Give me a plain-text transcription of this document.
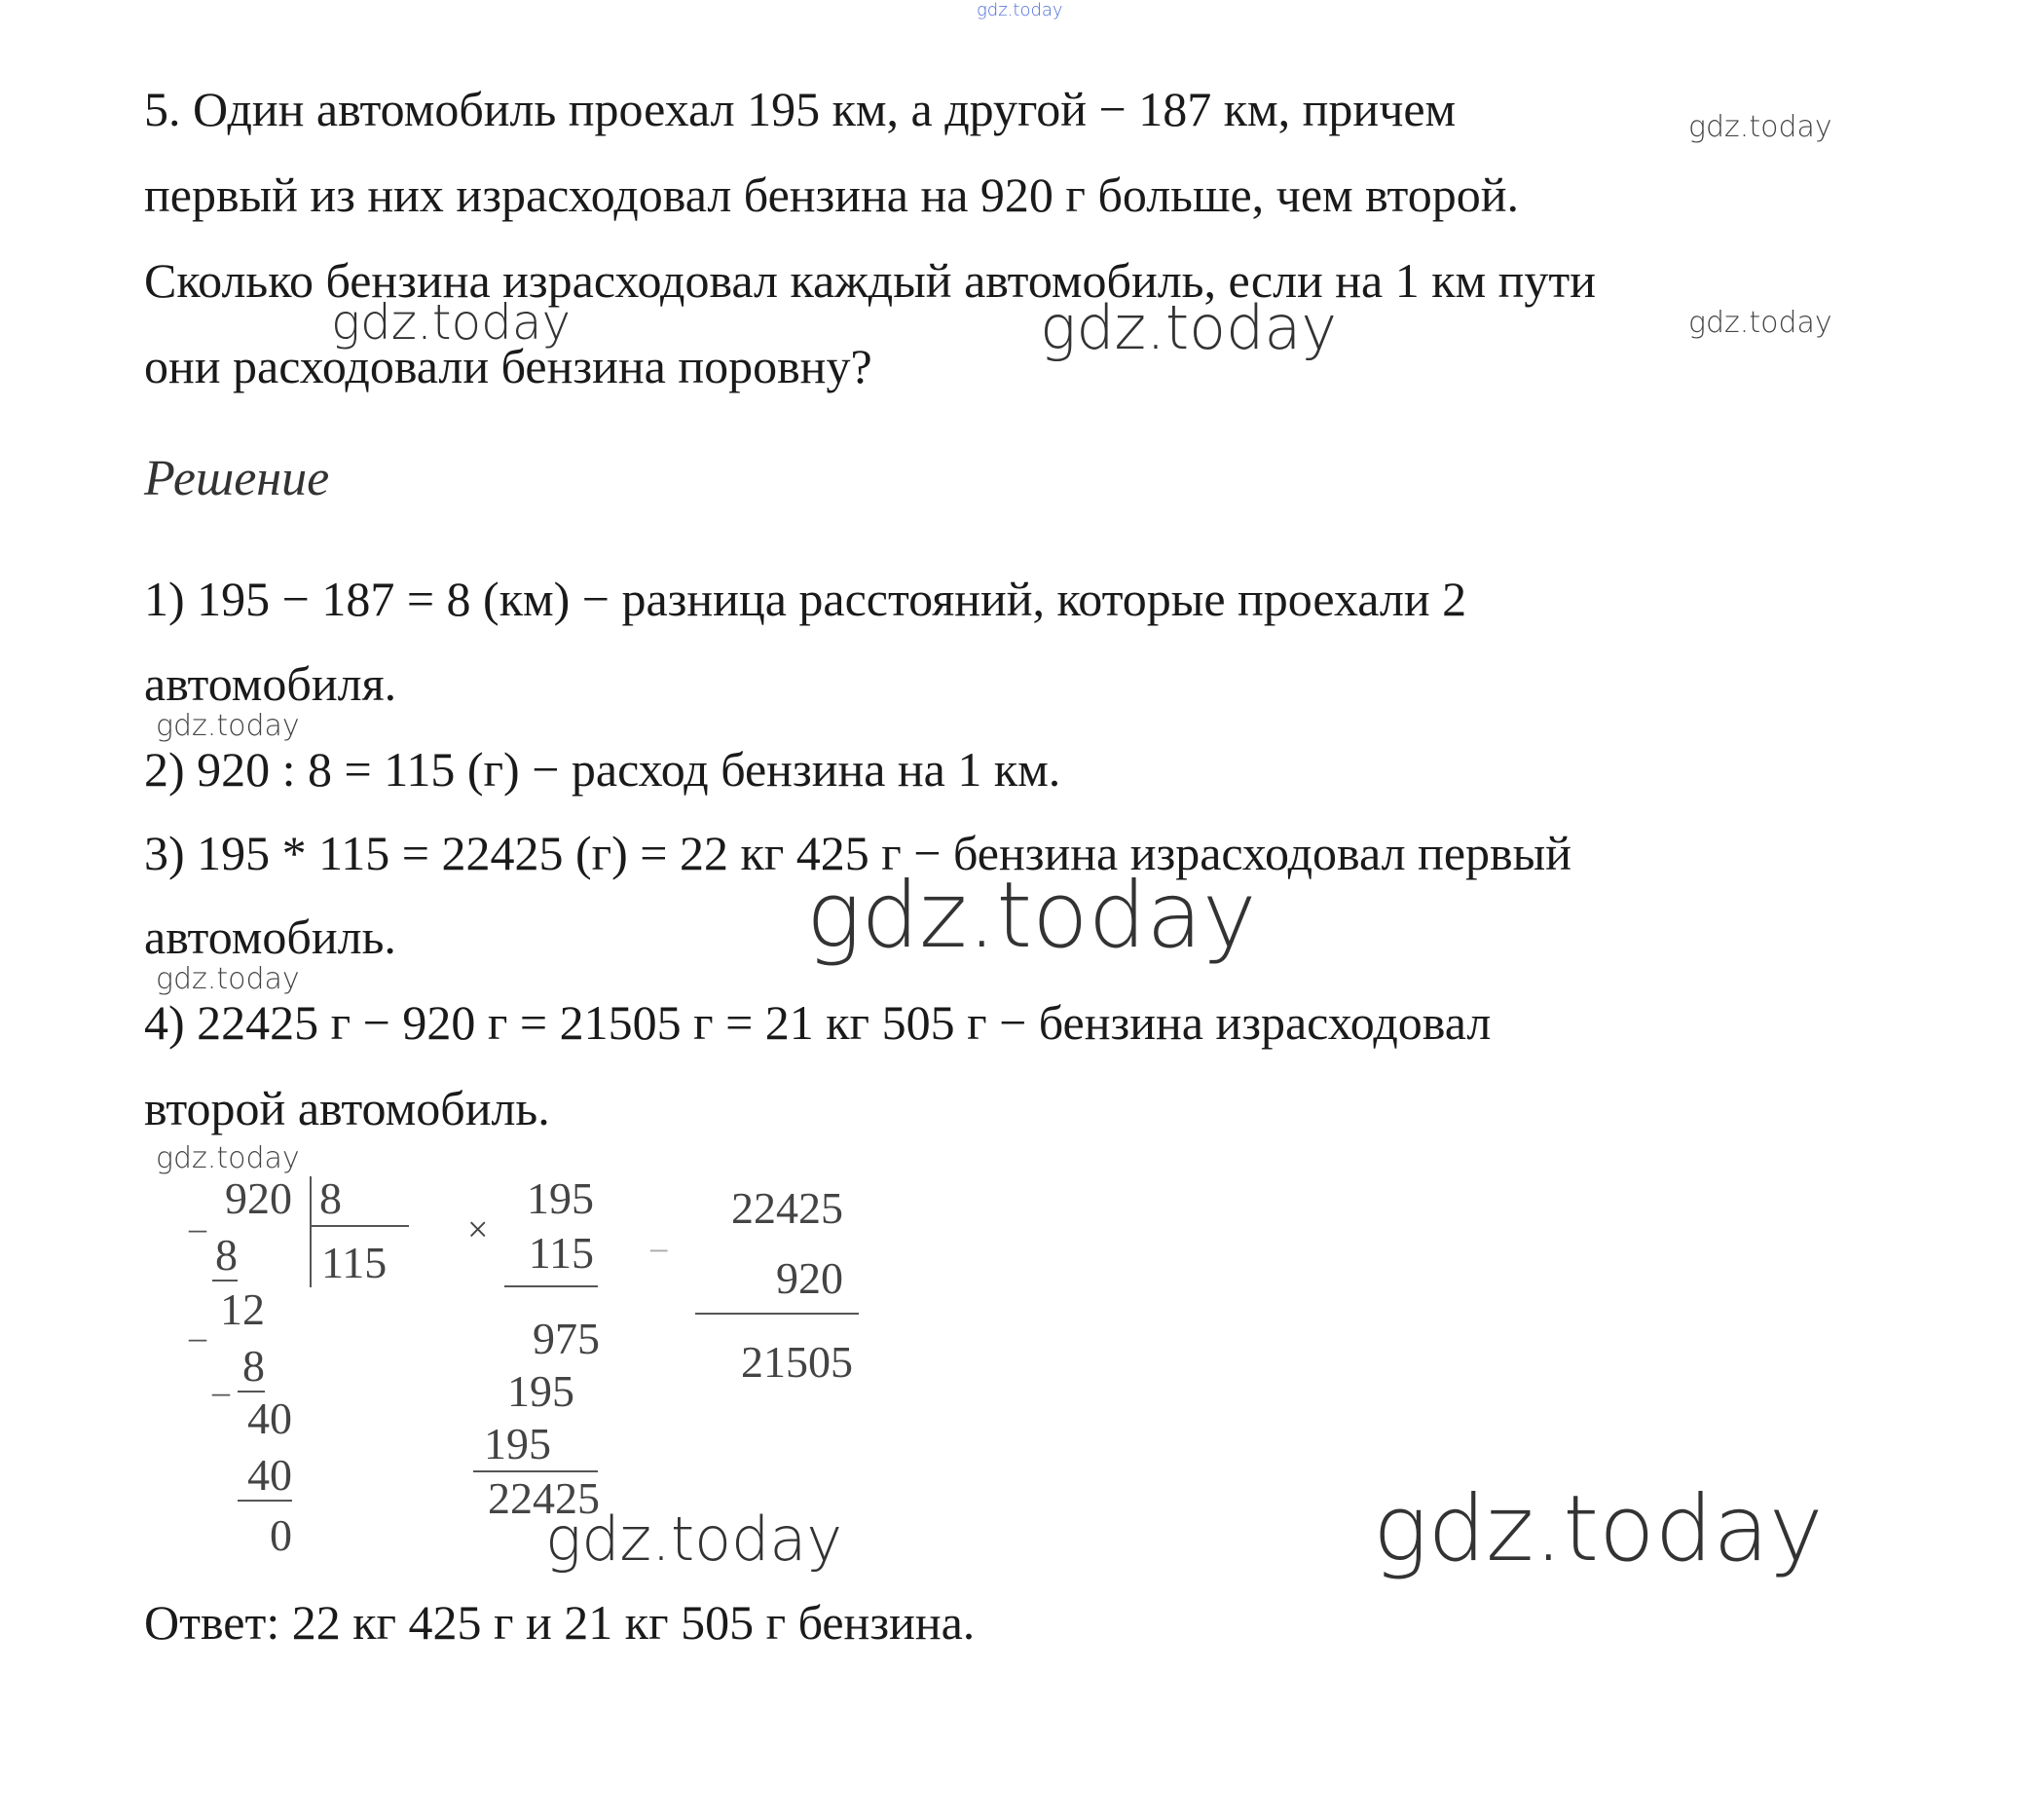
gdz.today
5. Один автомобиль проехал 195 км, а другой − 187 км, причем
первый из них израсходовал бензина на 920 г больше, чем второй.
Сколько бензина израсходовал каждый автомобиль, если на 1 км пути
они расходовали бензина поровну?
gdz.today
gdz.today	gdz.today	gdz.today
Решение
1) 195 − 187 = 8 (км) − разница расстояний, которые проехали 2
автомобиля.
gdz.today
2) 920 : 8 = 115 (г) − расход бензина на 1 км.
3) 195 * 115 = 22425 (г) = 22 кг 425 г − бензина израсходовал первый
автомобиль.	gdz.today
gdz.today
4) 22425 г − 920 г = 21505 г = 21 кг 505 г − бензина израсходовал
второй автомобиль.
gdz.today
_ 920 8
115
8
_ 12
8
_
40
40
0
×
195
115
975
195
195
22425
−
22425
920
21505
gdz.today	gdz.today
Ответ: 22 кг 425 г и 21 кг 505 г бензина.
